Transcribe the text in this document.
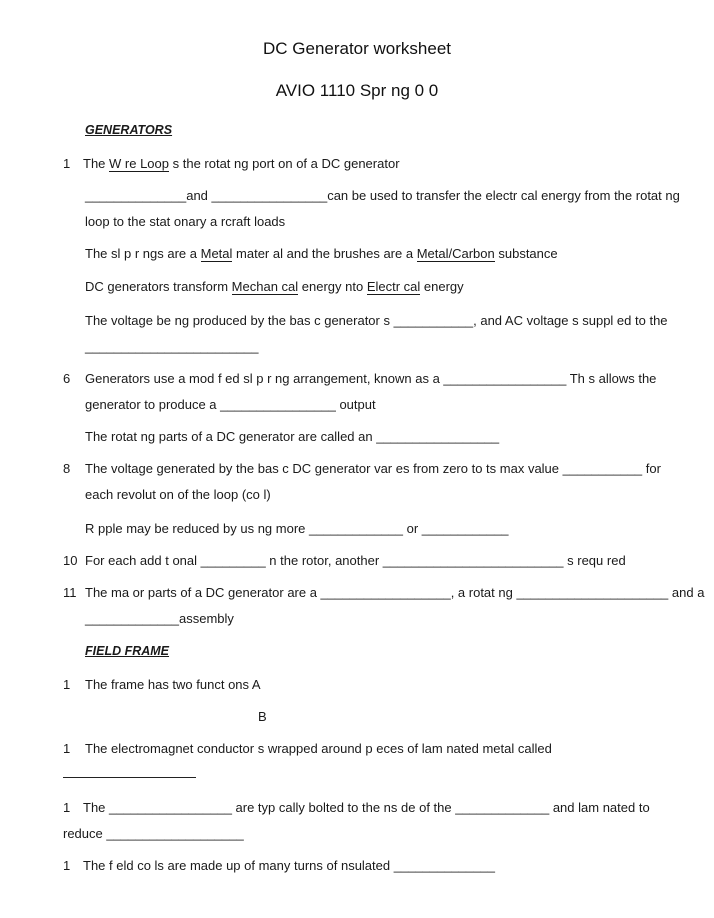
DC Generator worksheet
AVIO 1110 Spr ng 0 0
GENERATORS
1 The W re Loop s the rotat ng port on of a DC generator
______________and ________________can be used to transfer the electr cal energy from the rotat ng
loop to the stat onary a rcraft loads
The sl p r ngs are a Metal mater al and the brushes are a Metal/Carbon substance
DC generators transform Mechan cal energy nto Electr cal energy
The voltage be ng produced by the bas c generator s ___________, and AC voltage s suppl ed to the
________________________
6 Generators use a mod f ed sl p r ng arrangement, known as a _________________ Th s allows the
generator to produce a ________________ output
The rotat ng parts of a DC generator are called an _________________
8 The voltage generated by the bas c DC generator var es from zero to ts max value ___________ for
each revolut on of the loop (co l)
R pple may be reduced by us ng more _____________ or ____________
10 For each add t onal _________ n the rotor, another _________________________ s requ red
11 The ma or parts of a DC generator are a __________________, a rotat ng _____________________ and a
_____________assembly
FIELD FRAME
1 The frame has two funct ons A
B
1 The electromagnet conductor s wrapped around p eces of lam nated metal called
1 The _________________ are typ cally bolted to the ns de of the _____________ and lam nated to
reduce ___________________
1 The f eld co ls are made up of many turns of nsulated ______________
